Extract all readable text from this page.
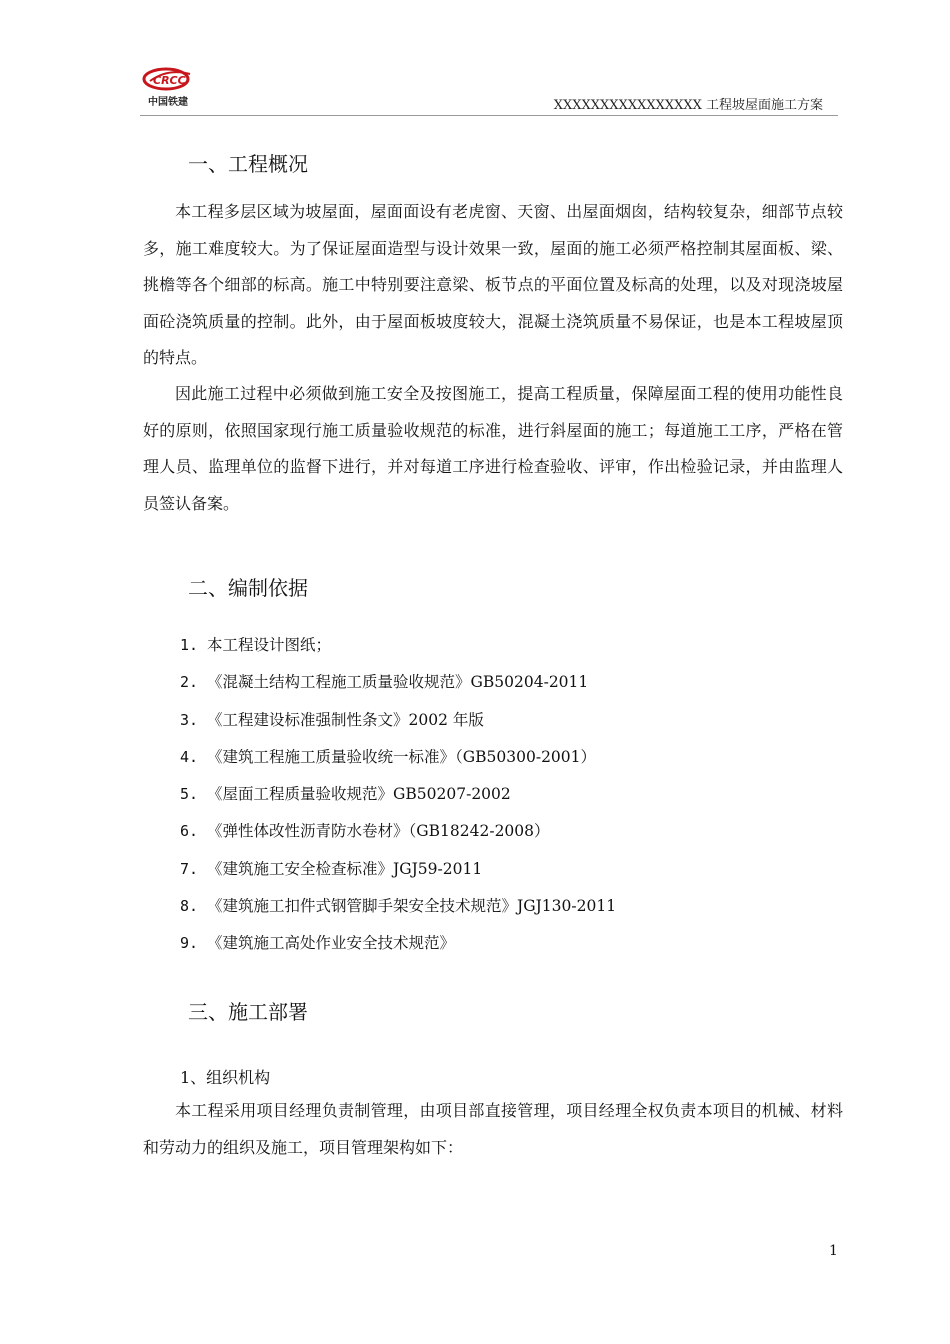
CRCC
中国铁建	XXXXXXXXXXXXXXXX 工程坡屋面施工方案
一、工程概况

本工程多层区域为坡屋面，屋面面设有老虎窗、天窗、出屋面烟囱，结构较复杂，细部节点较多，施工难度较大。为了保证屋面造型与设计效果一致，屋面的施工必须严格控制其屋面板、梁、挑檐等各个细部的标高。施工中特别要注意梁、板节点的平面位置及标高的处理，以及对现浇坡屋面砼浇筑质量的控制。此外，由于屋面板坡度较大，混凝土浇筑质量不易保证，也是本工程坡屋顶的特点。

因此施工过程中必须做到施工安全及按图施工，提高工程质量，保障屋面工程的使用功能性良好的原则，依照国家现行施工质量验收规范的标准，进行斜屋面的施工；每道施工工序，严格在管理人员、监理单位的监督下进行，并对每道工序进行检查验收、评审，作出检验记录，并由监理人员签认备案。

二、编制依据
1. 本工程设计图纸；
2. 《混凝土结构工程施工质量验收规范》GB50204-2011
3. 《工程建设标准强制性条文》2002 年版
4. 《建筑工程施工质量验收统一标准》（GB50300-2001）
5. 《屋面工程质量验收规范》GB50207-2002
6. 《弹性体改性沥青防水卷材》（GB18242-2008）
7. 《建筑施工安全检查标准》JGJ59-2011
8. 《建筑施工扣件式钢管脚手架安全技术规范》JGJ130-2011
9. 《建筑施工高处作业安全技术规范》
三、施工部署
1、组织机构

本工程采用项目经理负责制管理，由项目部直接管理，项目经理全权负责本项目的机械、材料和劳动力的组织及施工，项目管理架构如下：

1
